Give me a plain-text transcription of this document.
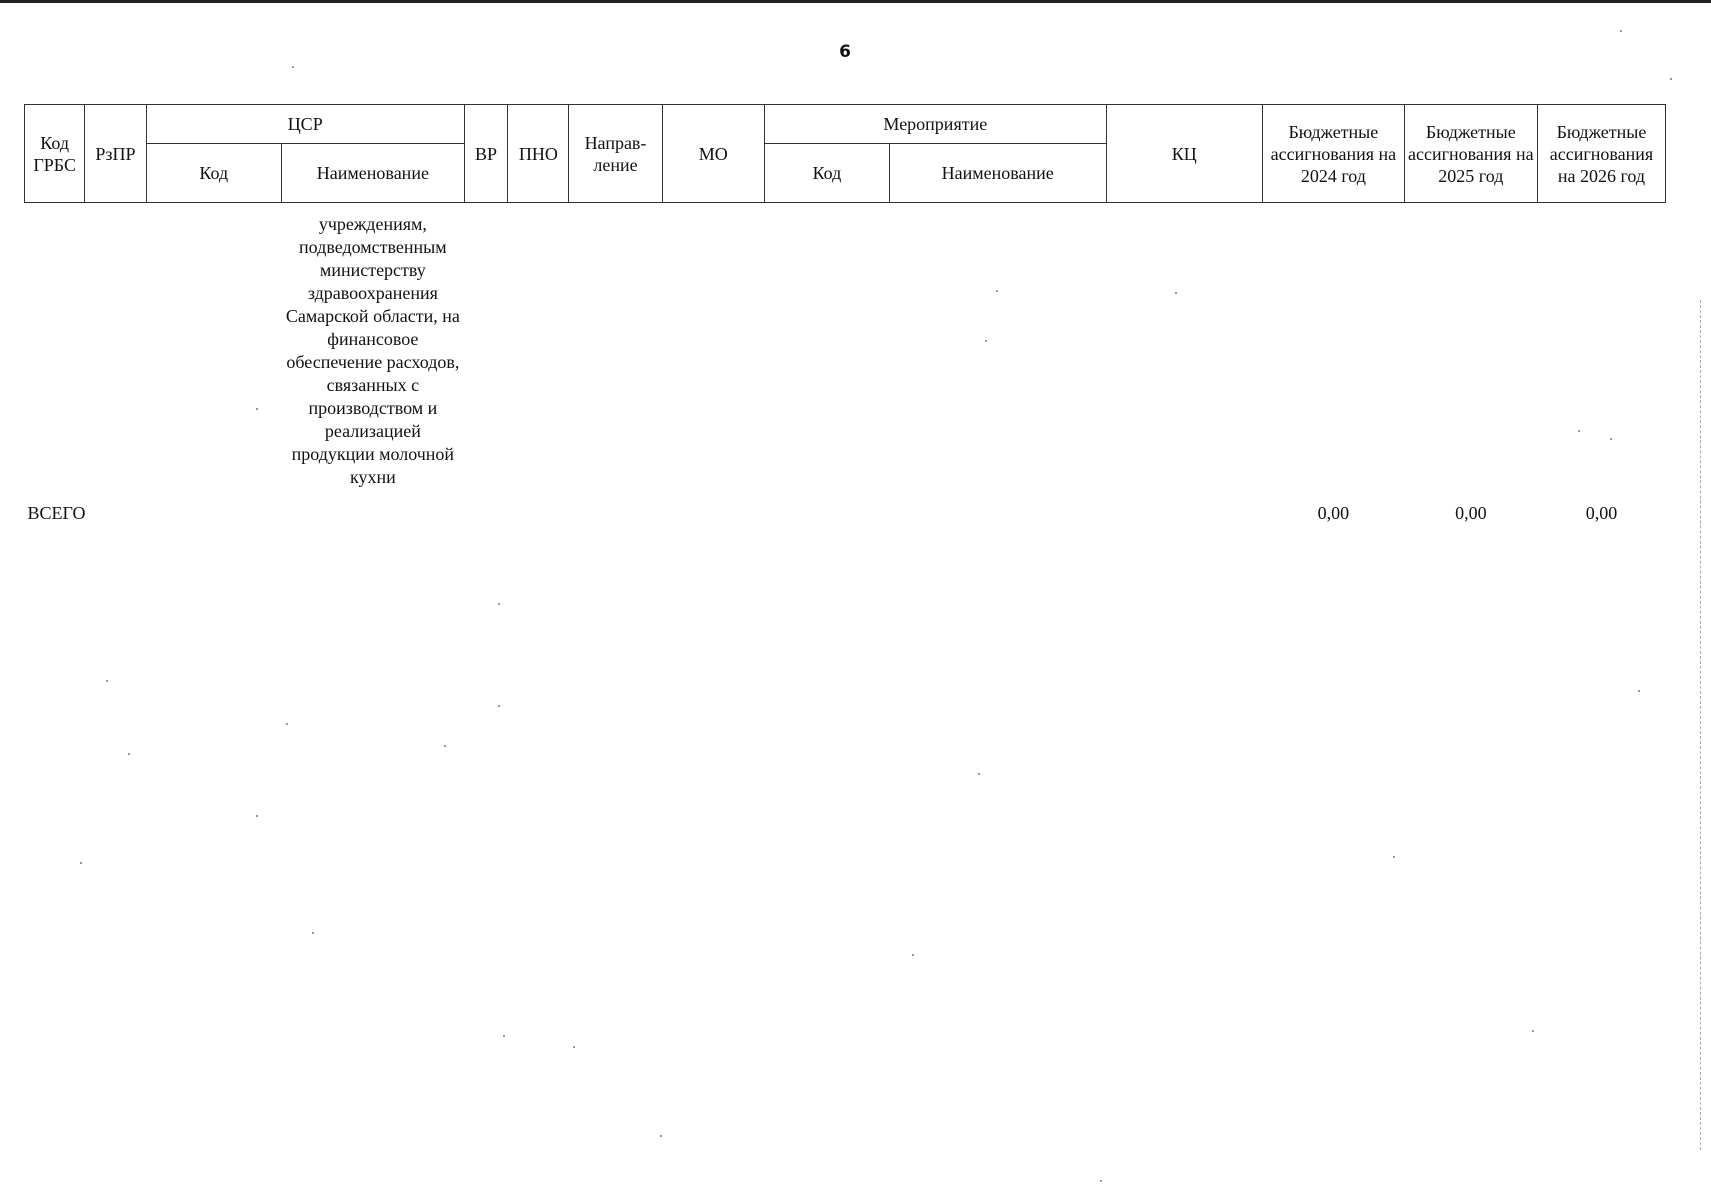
6
Код ГРБС	РзПР	ЦСР		ВР	ПНО	Направ-ление	МО	Мероприятие		КЦ	Бюджетные ассигнования на 2024 год	Бюджетные ассигнования на 2025 год	Бюджетные ассигнования на 2026 год
		Код	Наименование					Код	Наименование				

			учреждениям, подведомственным министерству здравоохранения Самарской области, на финансовое обеспечение расходов, связанных с производством и реализацией продукции молочной кухни										
ВСЕГО											0,00	0,00	0,00
